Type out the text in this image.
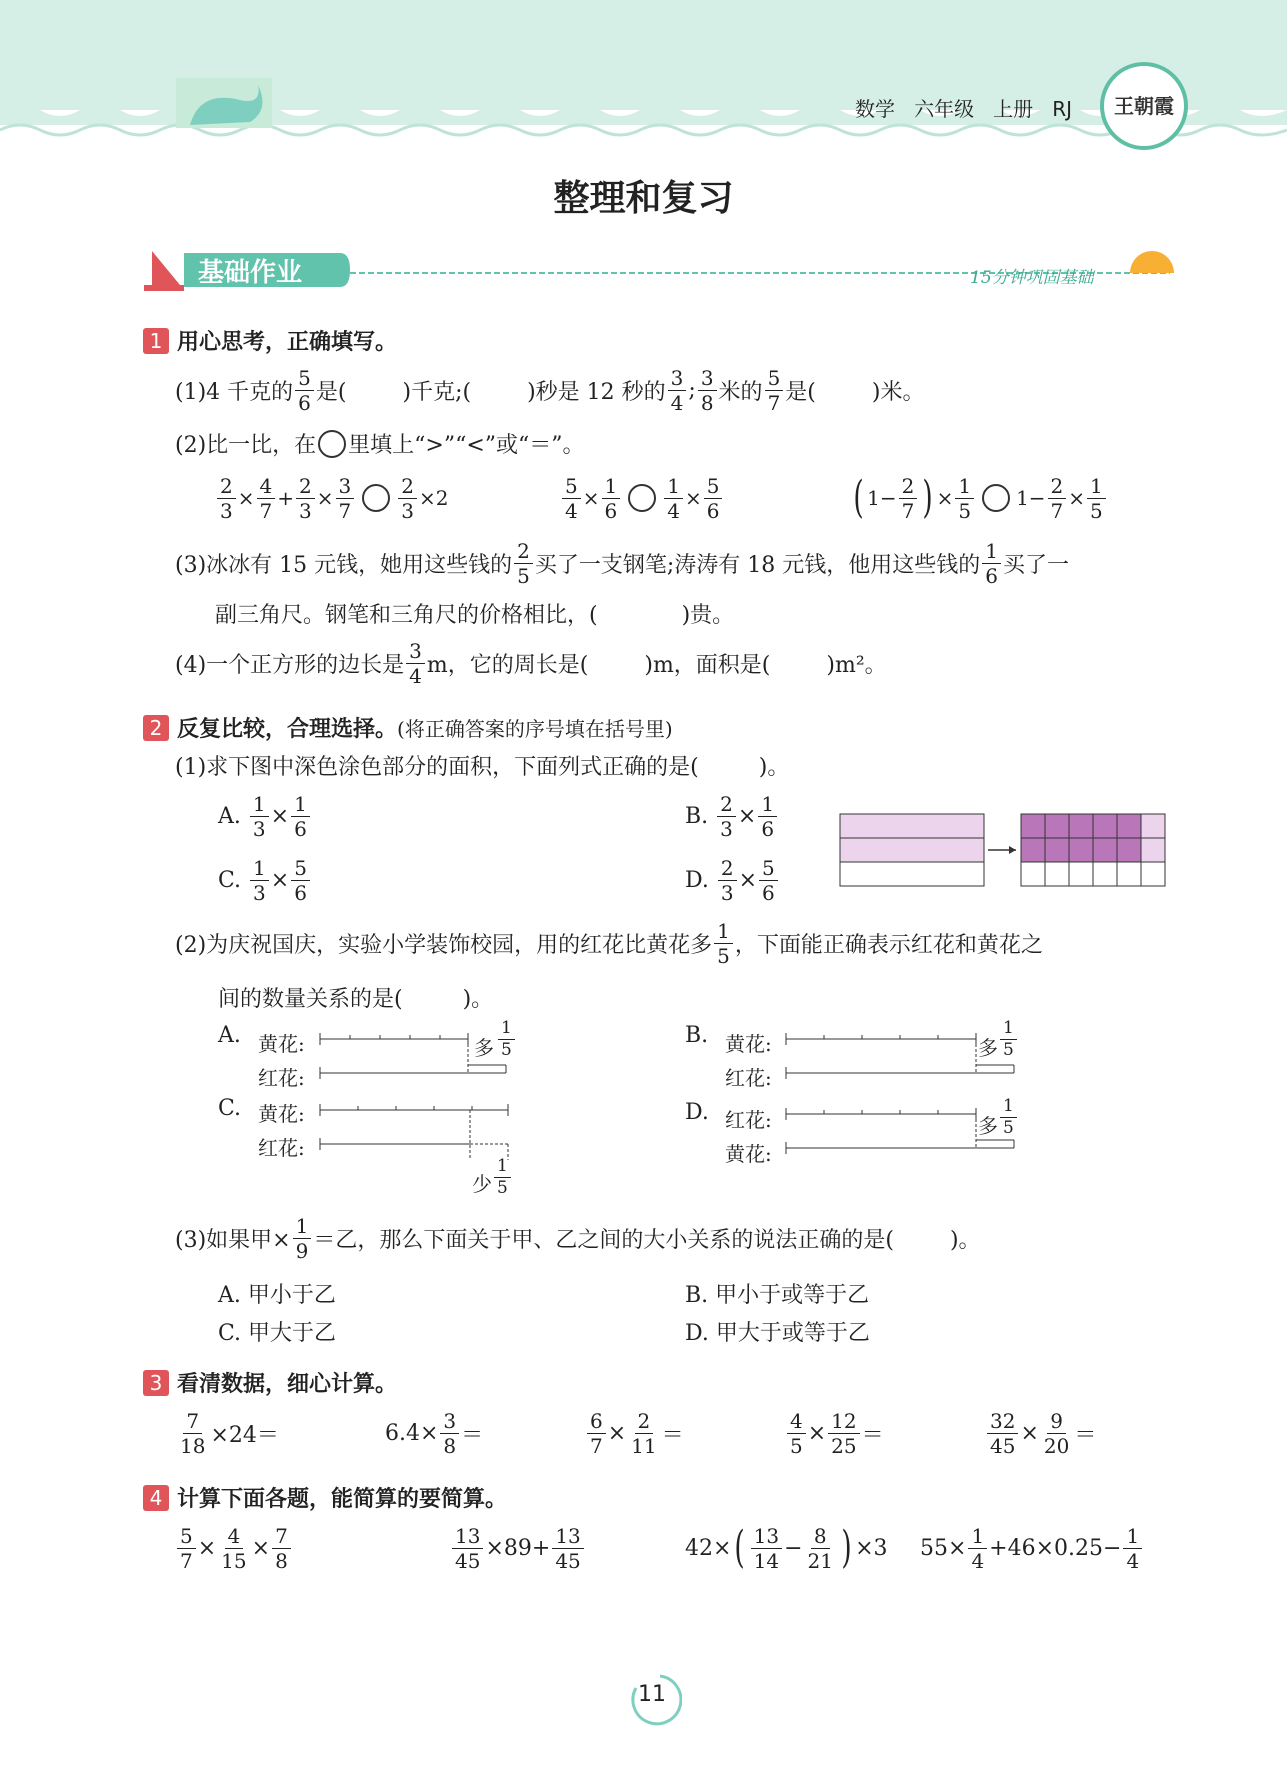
数学 六年级 上册 RJ	王朝霞
整理和复习
基础作业	15分钟巩固基础
1 用心思考，正确填写。
(1)4 千克的 $\frac{5}{6}$ 是(	)千克;(	)秒是 12 秒的 $\frac{3}{4}$ ; $\frac{3}{8}$ 米的 $\frac{5}{7}$ 是(	)米。
(2)比一比，在 里填上“>”“<”或“＝”。
$\frac{2}{3} \times \frac{4}{7} + \frac{2}{3} \times \frac{3}{7} \frac{2}{3} \times 2$	$\frac{5}{4} \times \frac{1}{6} \frac{1}{4} \times \frac{5}{6}$	( $1- \frac{2}{7}$ ) × $\frac{1}{5} 1- \frac{2}{7} \times \frac{1}{5}$
(3)冰冰有 15 元钱，她用这些钱的 $\frac{2}{5}$ 买了一支钢笔;涛涛有 18 元钱，他用这些钱的 $\frac{1}{6}$ 买了一
副三角尺。钢笔和三角尺的价格相比，(	)贵。
(4)一个正方形的边长是 $\frac{3}{4}$ m，它的周长是(	)m，面积是(	)m²。
2 反复比较，合理选择。 (将正确答案的序号填在括号里)
(1)求下图中深色涂色部分的面积，下面列式正确的是(	)。
A.
$\frac{1}{3} \times \frac{1}{6}$	B.
$\frac{2}{3} \times \frac{1}{6}$
C.
$\frac{1}{3} \times \frac{5}{6}$	D.
$\frac{2}{3} \times \frac{5}{6}$
(2)为庆祝国庆，实验小学装饰校园，用的红花比黄花多 $\frac{1}{5}$ ，下面能正确表示红花和黄花之
间的数量关系的是(	)。
A. 黄花:
红花:
多 $\frac{1}{5}$	B. 黄花:
红花:
多 $\frac{1}{5}$
C. 黄花:
红花:
少 $\frac{1}{5}$
D. 红花:
黄花:
多 $\frac{1}{5}$
(3)如果甲× $\frac{1}{9}$ ＝乙，那么下面关于甲、乙之间的大小关系的说法正确的是(	)。
A. 甲小于乙	B. 甲小于或等于乙
C. 甲大于乙	D. 甲大于或等于乙
3 看清数据，细心计算。
$\frac{7}{18} \times 24=$	$6.4\times \frac{3}{8}$ ＝	$\frac{6}{7} \times \frac{2}{11}$ ＝	$\frac{4}{5} \times \frac{12}{25}$ ＝	$\frac{32}{45} \times \frac{9}{20}$ ＝
4 计算下面各题，能简算的要简算。
$\frac{5}{7} \times \frac{4}{15} \times \frac{7}{8}$	$\frac{13}{45} \times 89+ \frac{13}{45}$	42× ( $\frac{13}{14} - \frac{8}{21}$ ) ×3 $55\times \frac{1}{4} +46\times 0.25- \frac{1}{4}$
11
